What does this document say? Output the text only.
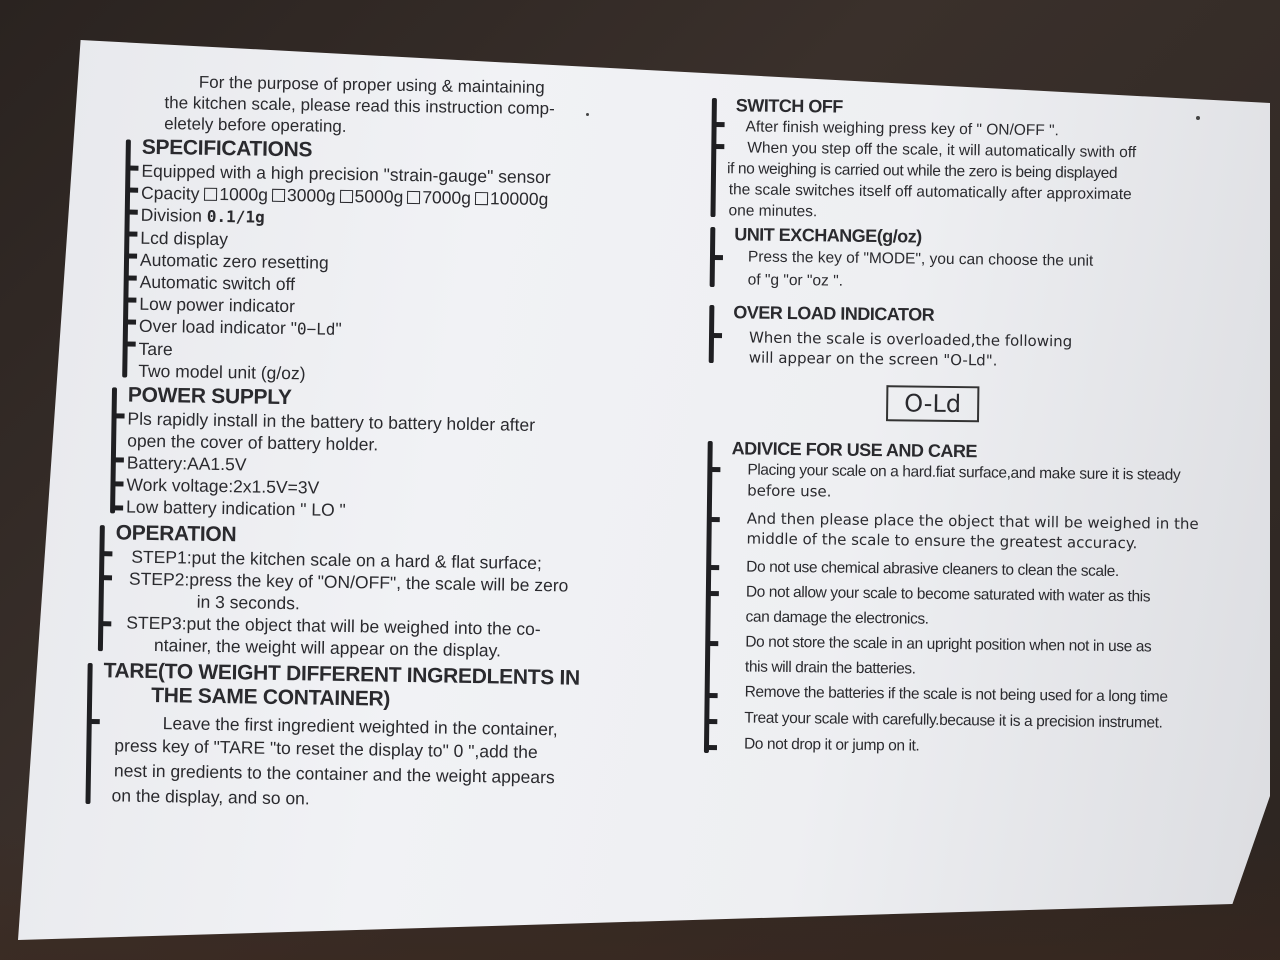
For the purpose of proper using & maintaining
the kitchen scale, please read this instruction comp-
eletely before operating.
SPECIFICATIONS
Equipped with a high precision "strain-gauge" sensor
Cpacity	1000g	3000g	5000g	7000g	10000g
Division 0.1/1g
Lcd display
Automatic zero resetting
Automatic switch off
Low power indicator
Over load indicator "0−Ld"
Tare
Two model unit (g/oz)
POWER SUPPLY
Pls rapidly install in the battery to battery holder after
open the cover of battery holder.
Battery:AA1.5V
Work voltage:2x1.5V=3V
Low battery indication " LO "
OPERATION
STEP1:put the kitchen scale on a hard & flat surface;
STEP2:press the key of "ON/OFF", the scale will be zero
in 3 seconds.
STEP3:put the object that will be weighed into the co-
ntainer, the weight will appear on the display.
TARE(TO WEIGHT DIFFERENT INGREDLENTS IN
THE SAME CONTAINER)
Leave the first ingredient weighted in the container,
press key of "TARE "to reset the display to" 0 ",add the
nest in gredients to the container and the weight appears
on the display, and so on.
SWITCH OFF
After finish weighing press key of " ON/OFF ".
When you step off the scale, it will automatically swith off
if no weighing is carried out while the zero is being displayed
the scale switches itself off automatically after approximate
one minutes.
UNIT EXCHANGE(g/oz)
Press the key of "MODE", you can choose the unit
of "g "or "oz ".
OVER LOAD INDICATOR
When the scale is overloaded,the following
will appear on the screen "O-Ld".
O-Ld
ADIVICE FOR USE AND CARE
Placing your scale on a hard.fiat surface,and make sure it is steady
before use.
And then please place the object that will be weighed in the
middle of the scale to ensure the greatest accuracy.
Do not use chemical abrasive cleaners to clean the scale.
Do not allow your scale to become saturated with water as this
can damage the electronics.
Do not store the scale in an upright position when not in use as
this will drain the batteries.
Remove the batteries if the scale is not being used for a long time
Treat your scale with carefully.because it is a precision instrumet.
Do not drop it or jump on it.
